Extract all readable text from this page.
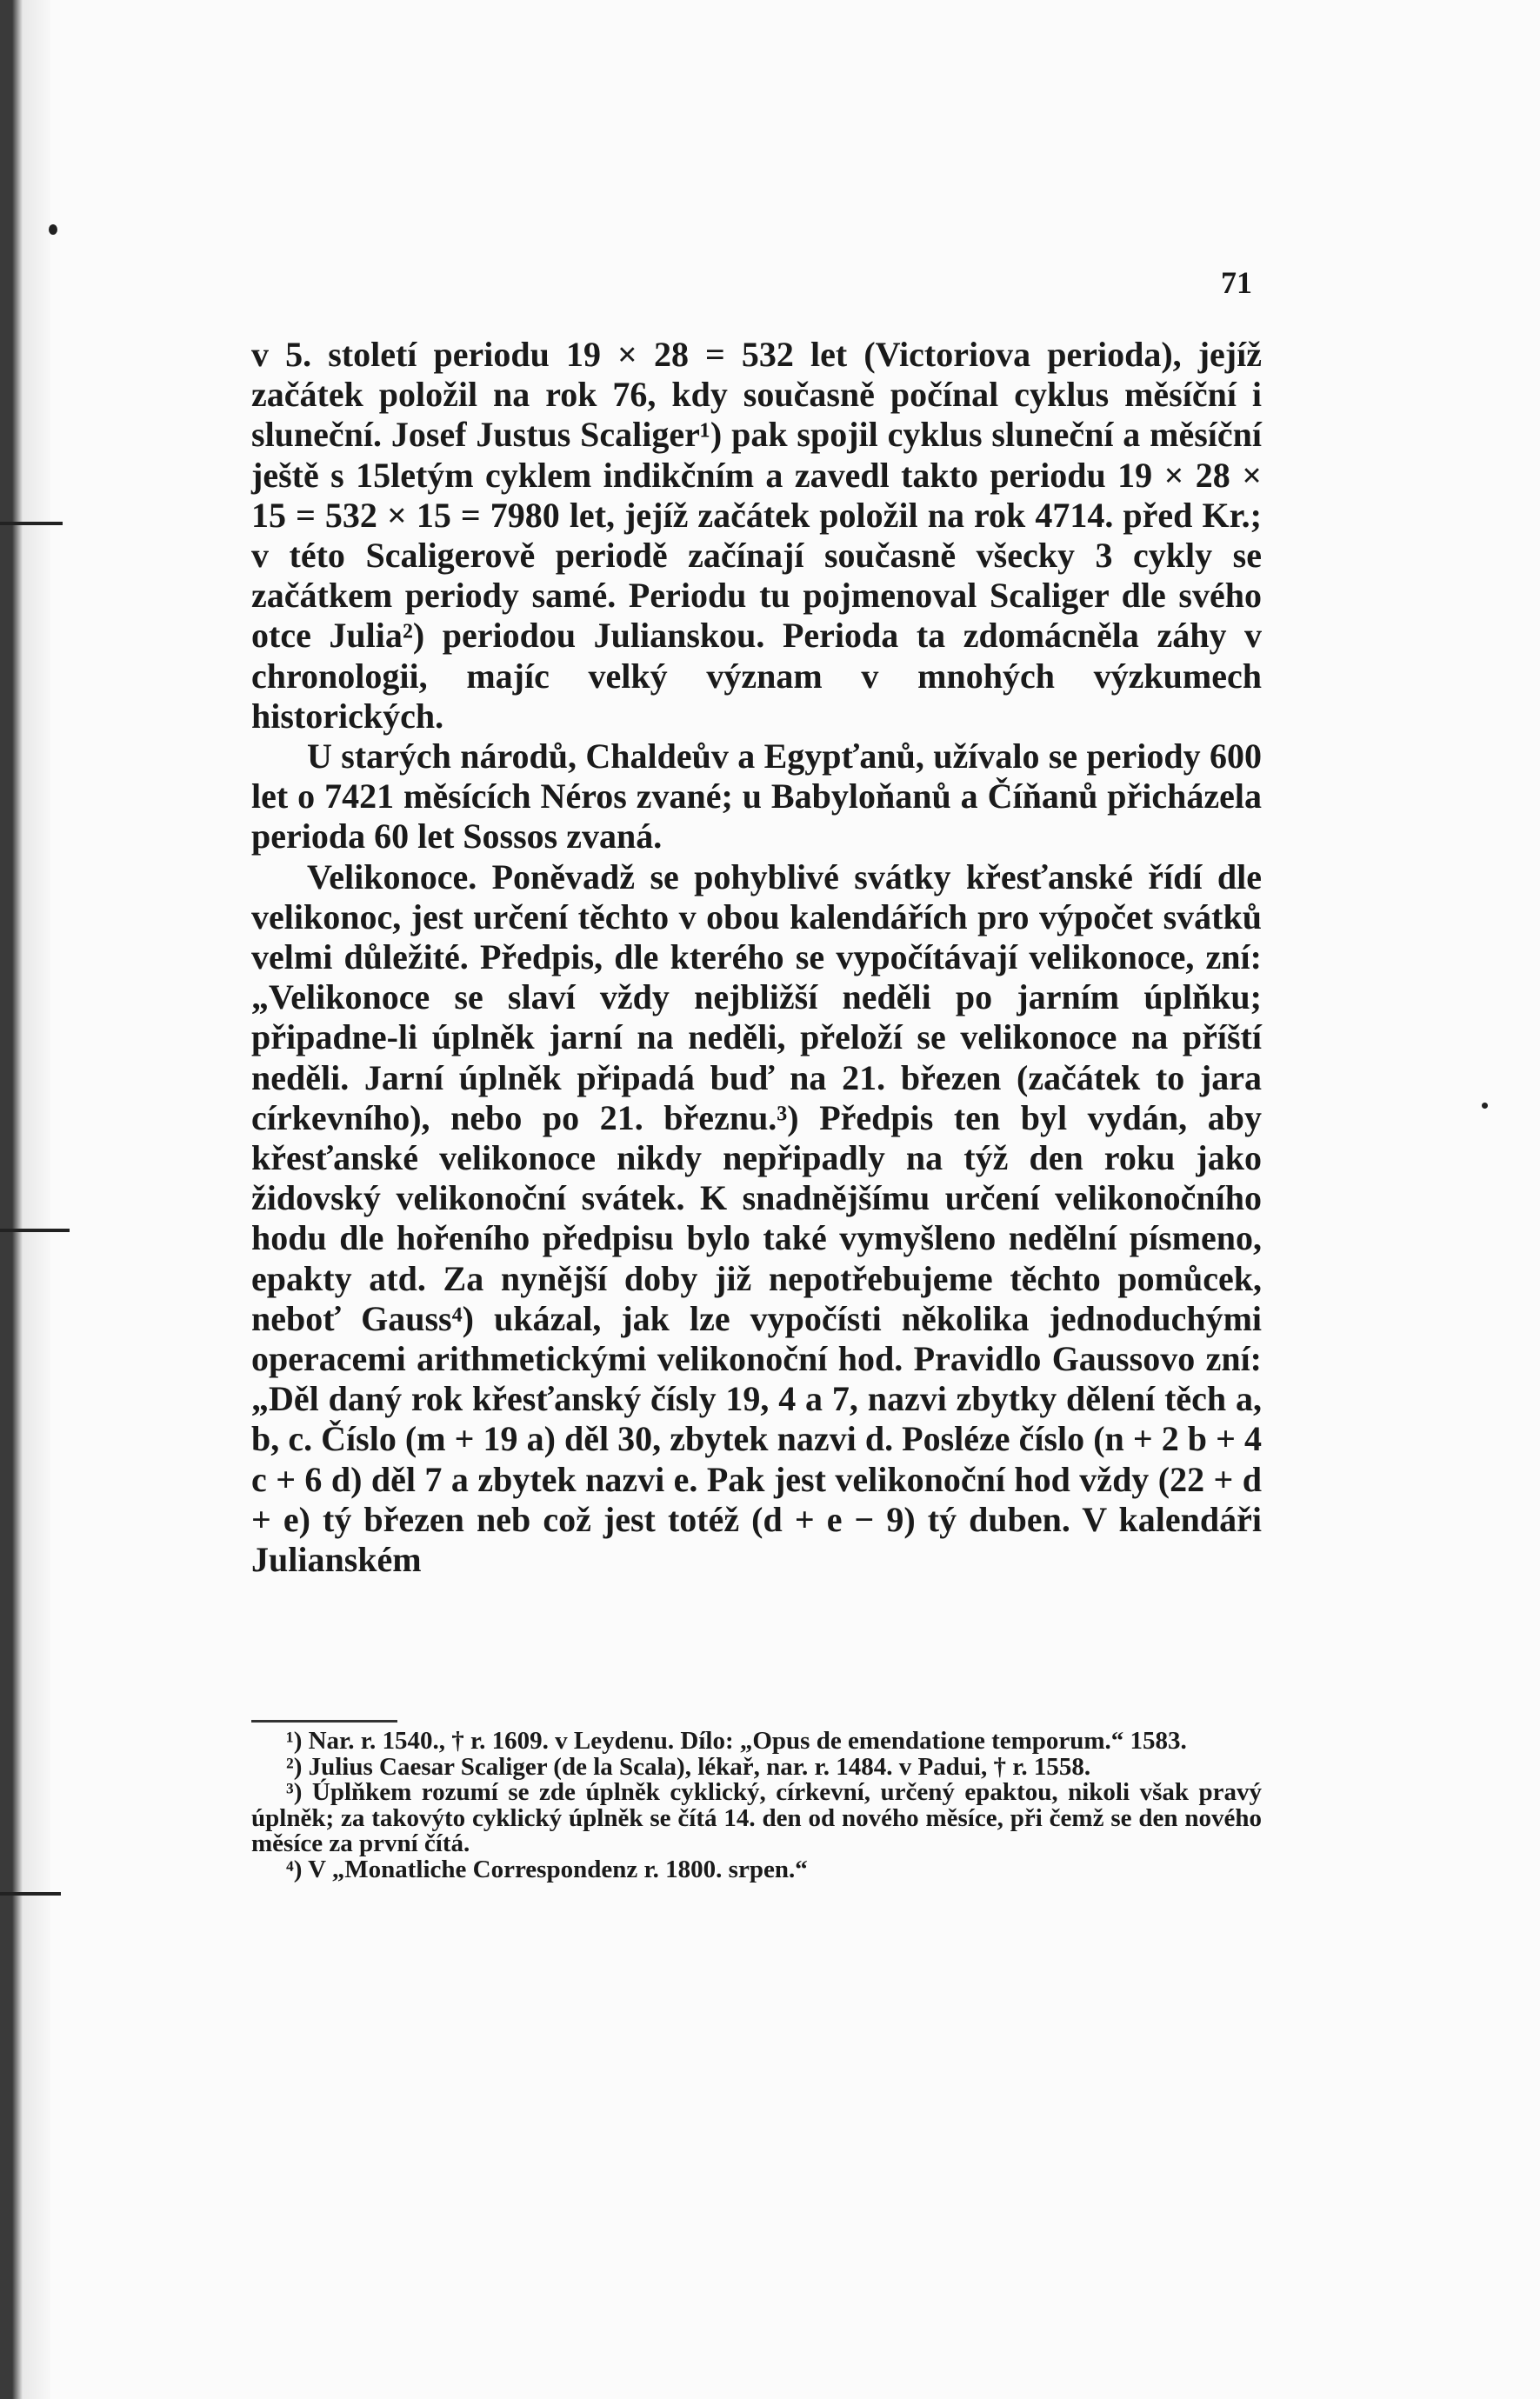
71

v 5. století periodu 19 × 28 = 532 let (Victoriova perioda), jejíž začátek položil na rok 76, kdy současně počínal cyklus měsíční i sluneční. Josef Justus Scaliger¹) pak spojil cyklus sluneční a měsíční ještě s 15letým cyklem indikčním a zavedl takto periodu 19 × 28 × 15 = 532 × 15 = 7980 let, jejíž začátek položil na rok 4714. před Kr.; v této Scaligerově periodě začínají současně všecky 3 cykly se začátkem periody samé. Periodu tu pojmenoval Scaliger dle svého otce Julia²) periodou Julianskou. Perioda ta zdomácněla záhy v chronologii, majíc velký význam v mnohých výzkumech historických.

U starých národů, Chaldeův a Egypťanů, užívalo se periody 600 let o 7421 měsících Néros zvané; u Babyloňanů a Číňanů přicházela perioda 60 let Sossos zvaná.

Velikonoce. Poněvadž se pohyblivé svátky křesťanské řídí dle velikonoc, jest určení těchto v obou kalendářích pro výpočet svátků velmi důležité. Předpis, dle kterého se vypočítávají velikonoce, zní: „Velikonoce se slaví vždy nejbližší neděli po jarním úplňku; připadne-li úplněk jarní na neděli, přeloží se velikonoce na příští neděli. Jarní úplněk připadá buď na 21. březen (začátek to jara církevního), nebo po 21. březnu.³) Předpis ten byl vydán, aby křesťanské velikonoce nikdy nepřipadly na týž den roku jako židovský velikonoční svátek. K snadnějšímu určení velikonočního hodu dle hořeního předpisu bylo také vymyšleno nedělní písmeno, epakty atd. Za nynější doby již nepotřebujeme těchto pomůcek, neboť Gauss⁴) ukázal, jak lze vypočísti několika jednoduchými operacemi arithmetickými velikonoční hod. Pravidlo Gaussovo zní: „Děl daný rok křesťanský čísly 19, 4 a 7, nazvi zbytky dělení těch a, b, c. Číslo (m + 19 a) děl 30, zbytek nazvi d. Posléze číslo (n + 2 b + 4 c + 6 d) děl 7 a zbytek nazvi e. Pak jest velikonoční hod vždy (22 + d + e) tý březen neb což jest totéž (d + e − 9) tý duben. V kalendáři Julianském

¹) Nar. r. 1540., † r. 1609. v Leydenu. Dílo: „Opus de emendatione temporum.“ 1583.

²) Julius Caesar Scaliger (de la Scala), lékař, nar. r. 1484. v Padui, † r. 1558.

³) Úplňkem rozumí se zde úplněk cyklický, církevní, určený epaktou, nikoli však pravý úplněk; za takovýto cyklický úplněk se čítá 14. den od nového měsíce, při čemž se den nového měsíce za první čítá.

⁴) V „Monatliche Correspondenz r. 1800. srpen.“
